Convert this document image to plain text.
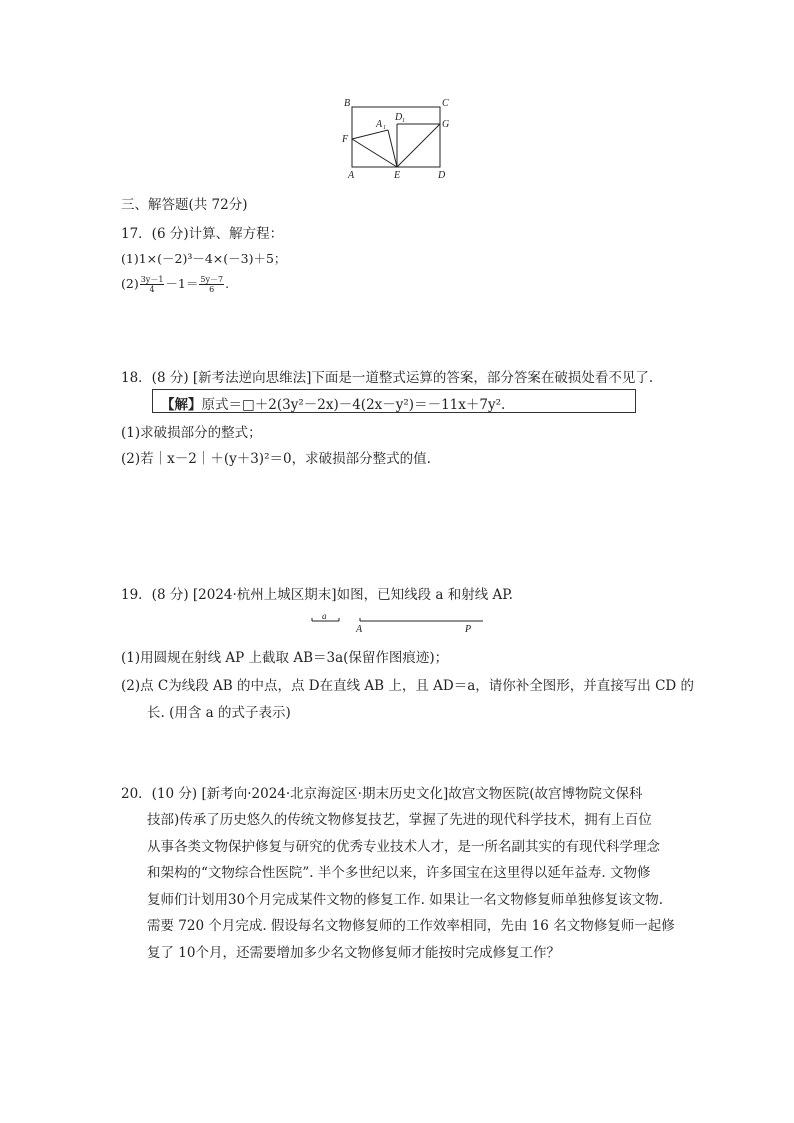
B	C
A 1
D 1	G
F
A	E	D
三、解答题(共 72分)
17．(6 分)计算、解方程：
(1)1×(－2)³－4×(－3)＋5；
$(2) \frac{3y-1}{4} -1= \frac{5y-7}{6}$ .
18．(8 分) [新考法逆向思维法]下面是一道整式运算的答案，部分答案在破损处看不见了.
【解】原式＝□＋2(3y²－2x)－4(2x－y²)＝－11x＋7y².
(1)求破损部分的整式；
(2)若｜x－2｜＋(y＋3)²＝0，求破损部分整式的值.
19．(8 分) [2024·杭州上城区期末]如图，已知线段 a 和射线 AP.
a
A	P
(1)用圆规在射线 AP 上截取 AB＝3a(保留作图痕迹)；
(2)点 C为线段 AB 的中点，点 D在直线 AB 上，且 AD＝a，请你补全图形，并直接写出 CD 的
长. (用含 a 的式子表示)
20．(10 分) [新考向·2024·北京海淀区·期末历史文化]故宫文物医院(故宫博物院文保科
技部)传承了历史悠久的传统文物修复技艺，掌握了先进的现代科学技术，拥有上百位
从事各类文物保护修复与研究的优秀专业技术人才，是一所名副其实的有现代科学理念
和架构的“文物综合性医院”. 半个多世纪以来，许多国宝在这里得以延年益寿. 文物修
复师们计划用30个月完成某件文物的修复工作. 如果让一名文物修复师单独修复该文物.
需要 720 个月完成. 假设每名文物修复师的工作效率相同，先由 16 名文物修复师一起修
复了 10个月，还需要增加多少名文物修复师才能按时完成修复工作？
